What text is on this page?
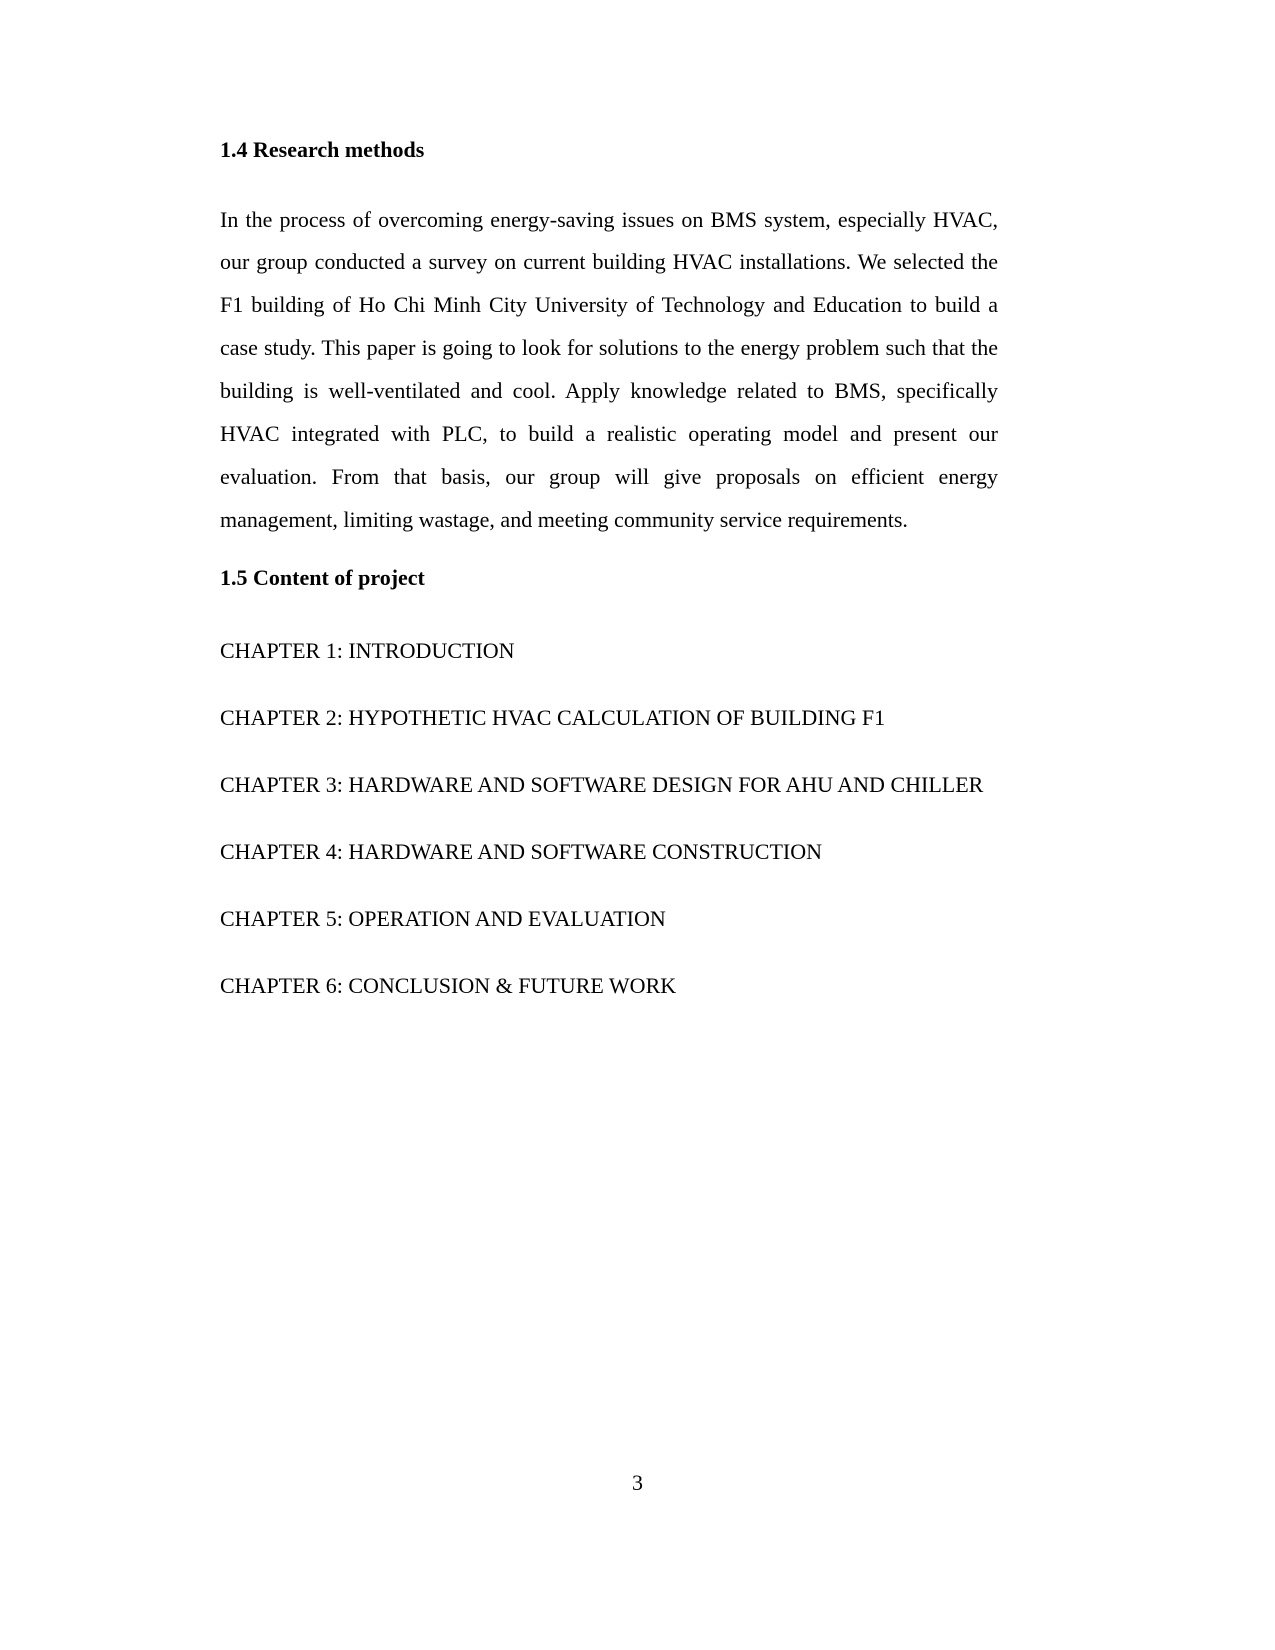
1.4 Research methods

In the process of overcoming energy-saving issues on BMS system, especially HVAC, our group conducted a survey on current building HVAC installations. We selected the F1 building of Ho Chi Minh City University of Technology and Education to build a case study. This paper is going to look for solutions to the energy problem such that the building is well-ventilated and cool. Apply knowledge related to BMS, specifically HVAC integrated with PLC, to build a realistic operating model and present our evaluation. From that basis, our group will give proposals on efficient energy management, limiting wastage, and meeting community service requirements.

1.5 Content of project

CHAPTER 1: INTRODUCTION

CHAPTER 2: HYPOTHETIC HVAC CALCULATION OF BUILDING F1

CHAPTER 3: HARDWARE AND SOFTWARE DESIGN FOR AHU AND CHILLER

CHAPTER 4: HARDWARE AND SOFTWARE CONSTRUCTION

CHAPTER 5: OPERATION AND EVALUATION

CHAPTER 6: CONCLUSION & FUTURE WORK

3
